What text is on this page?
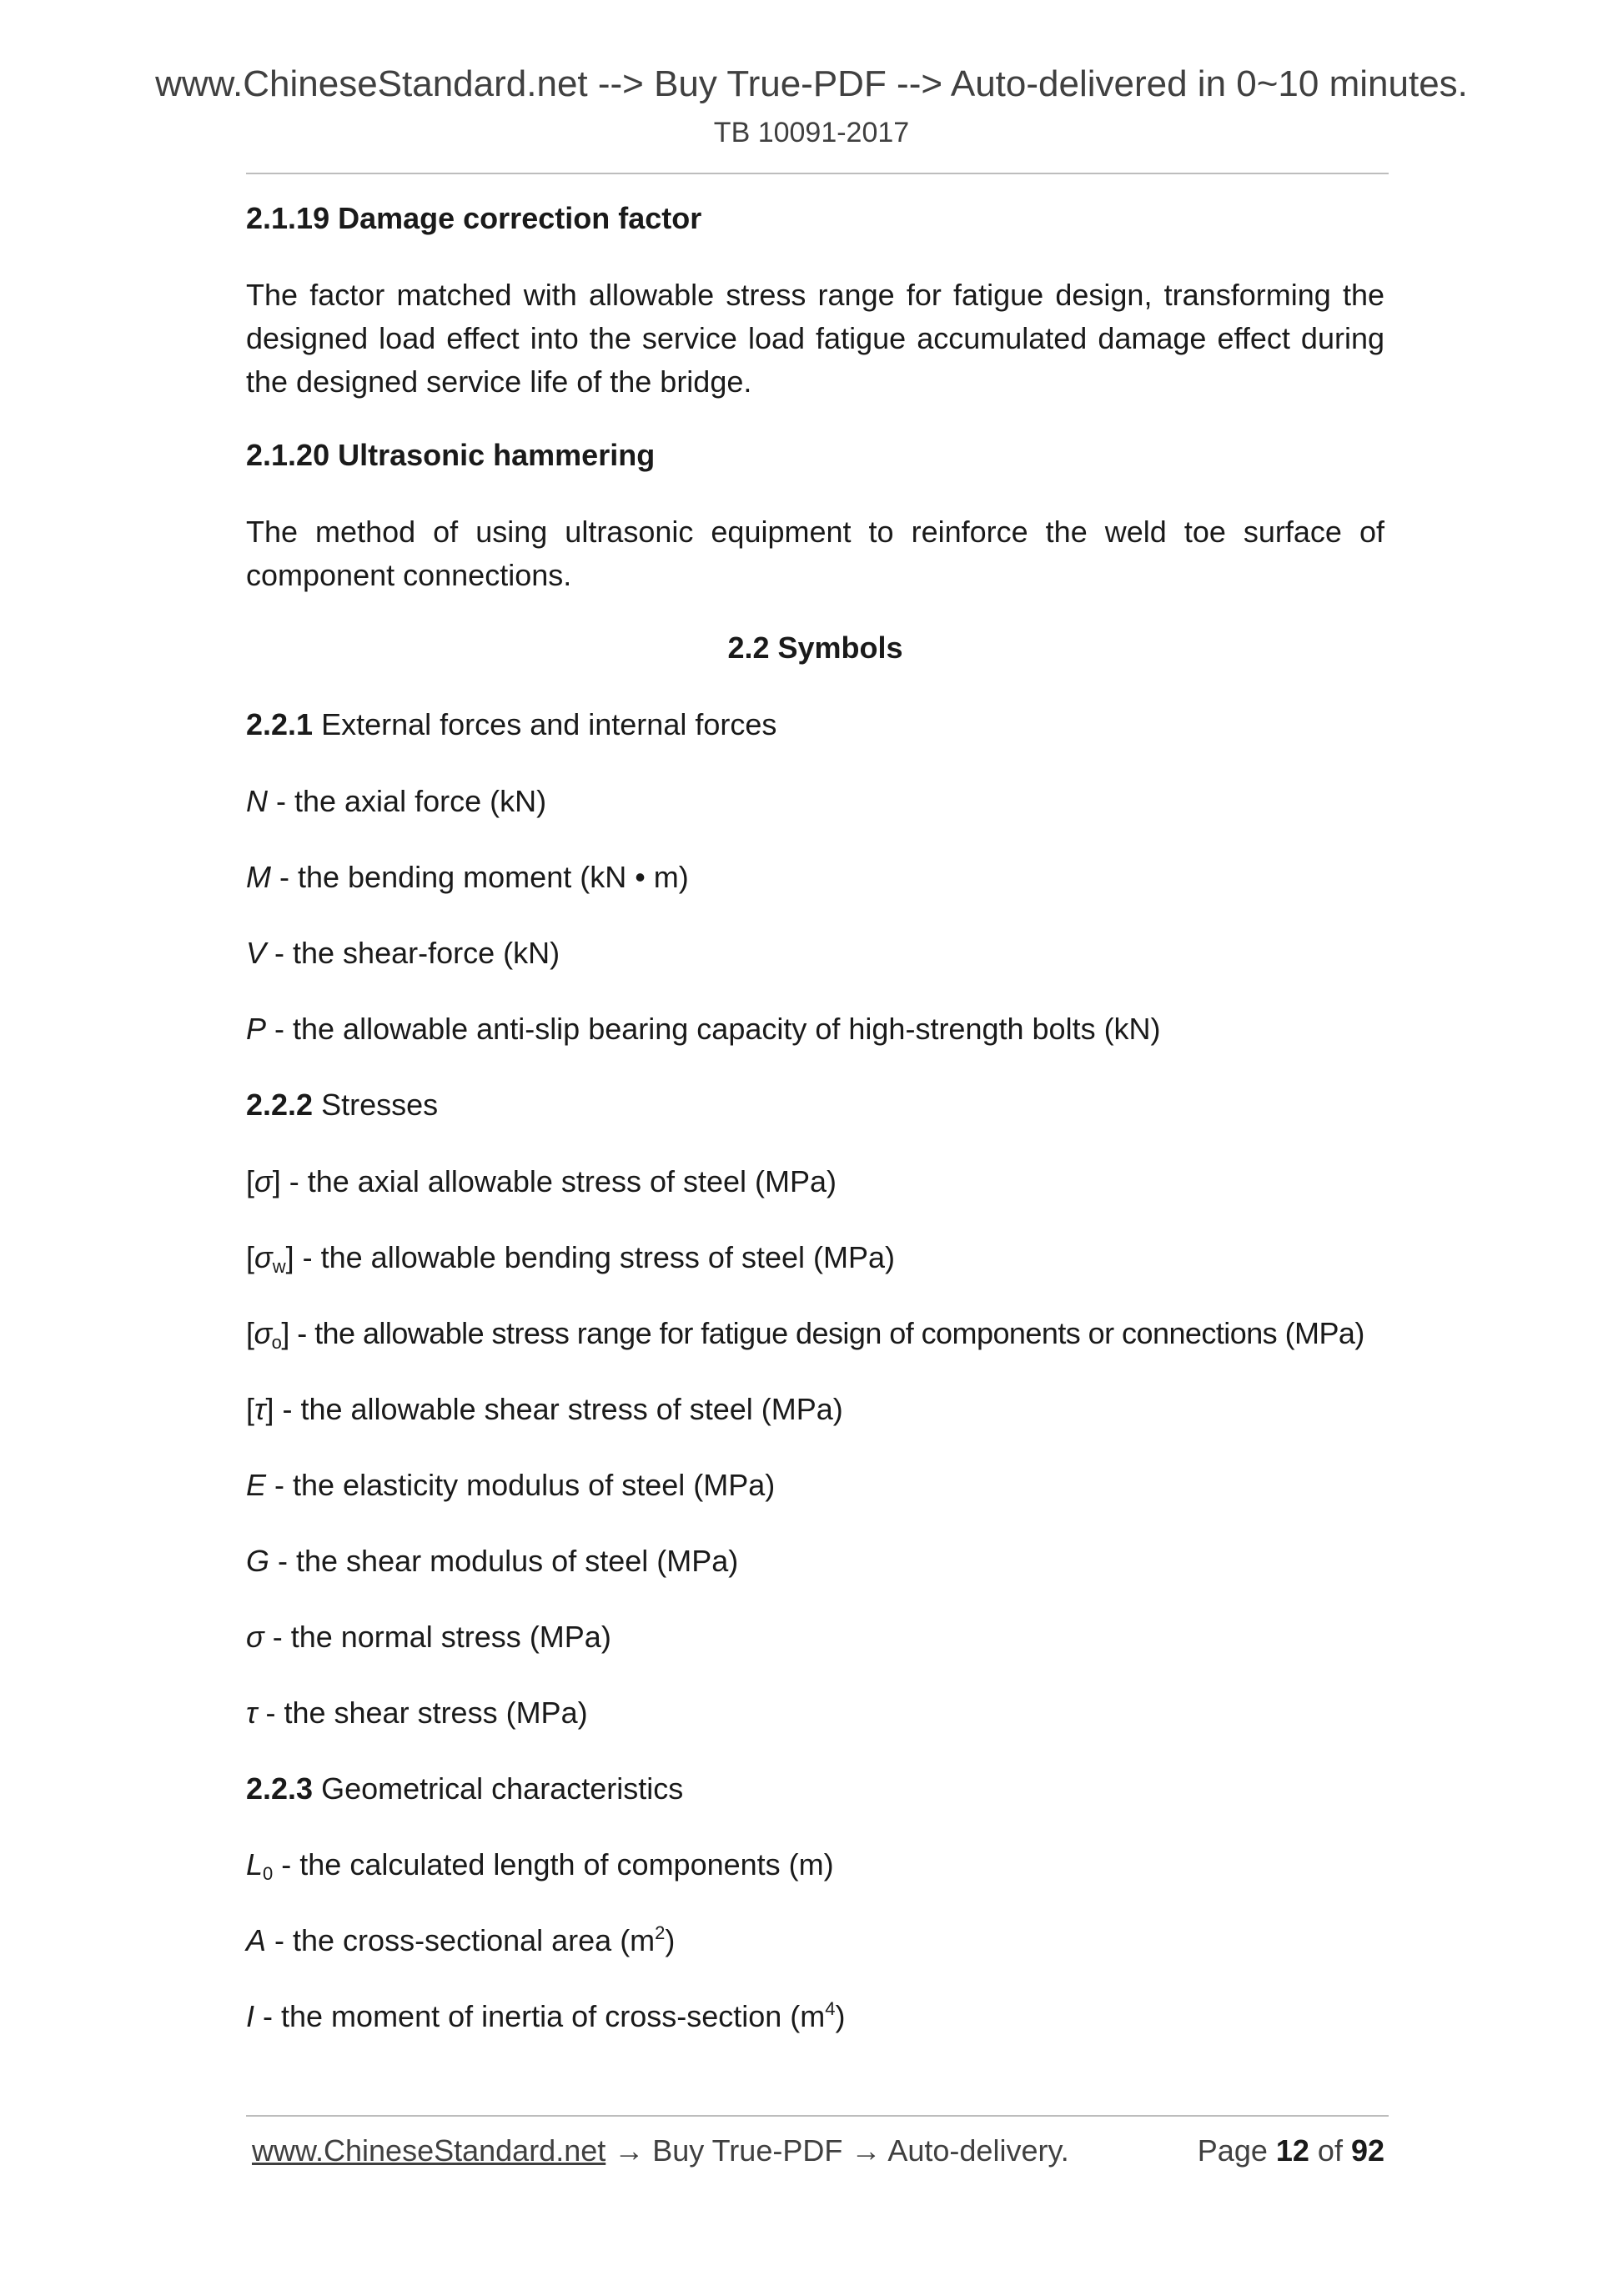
www.ChineseStandard.net --> Buy True-PDF --> Auto-delivered in 0~10 minutes.
TB 10091-2017
2.1.19 Damage correction factor
The factor matched with allowable stress range for fatigue design, transforming the designed load effect into the service load fatigue accumulated damage effect during the designed service life of the bridge.
2.1.20 Ultrasonic hammering
The method of using ultrasonic equipment to reinforce the weld toe surface of component connections.
2.2 Symbols
2.2.1 External forces and internal forces
N - the axial force (kN)
M - the bending moment (kN • m)
V - the shear-force (kN)
P - the allowable anti-slip bearing capacity of high-strength bolts (kN)
2.2.2 Stresses
[σ] - the axial allowable stress of steel (MPa)
$[\sigma_w]$ - the allowable bending stress of steel (MPa)
$[\sigma_o]$ - the allowable stress range for fatigue design of components or connections (MPa)
[τ] - the allowable shear stress of steel (MPa)
E - the elasticity modulus of steel (MPa)
G - the shear modulus of steel (MPa)
σ - the normal stress (MPa)
τ - the shear stress (MPa)
2.2.3 Geometrical characteristics
$L_0$ - the calculated length of components (m)
A - the cross-sectional area $(m^2)$
I - the moment of inertia of cross-section $(m^4)$
www.ChineseStandard.net → Buy True-PDF → Auto-delivery.	Page 12 of 92
